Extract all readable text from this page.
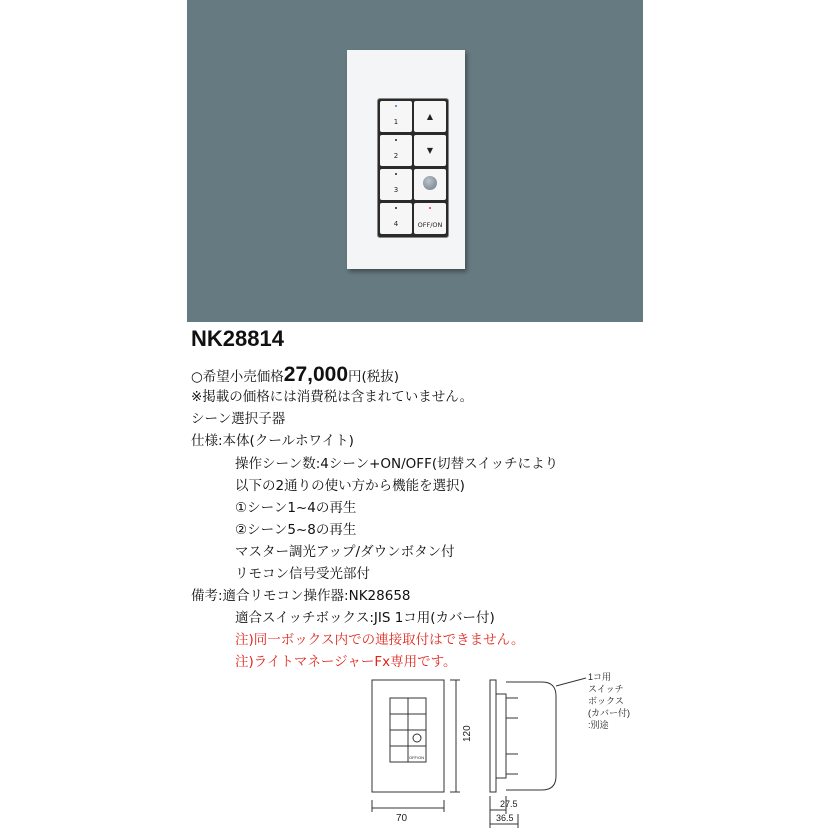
1
2
3
4
▲
▼
OFF/ON
NK28814
○希望小売価格27,000円(税抜)
※掲載の価格には消費税は含まれていません。
シーン選択子器
仕様:本体(クールホワイト)
操作シーン数:4シーン+ON/OFF(切替スイッチにより
以下の2通りの使い方から機能を選択)
①シーン1~4の再生
②シーン5~8の再生
マスター調光アップ/ダウンボタン付
リモコン信号受光部付
備考:適合リモコン操作器:NK28658
適合スイッチボックス:JIS 1コ用(カバー付)
注)同一ボックス内での連接取付はできません。
注)ライトマネージャーFx専用です。
70
120
27.5
36.5
1コ用
スイッチ
ボックス
(カバー付)
:別途
OFF/ON
